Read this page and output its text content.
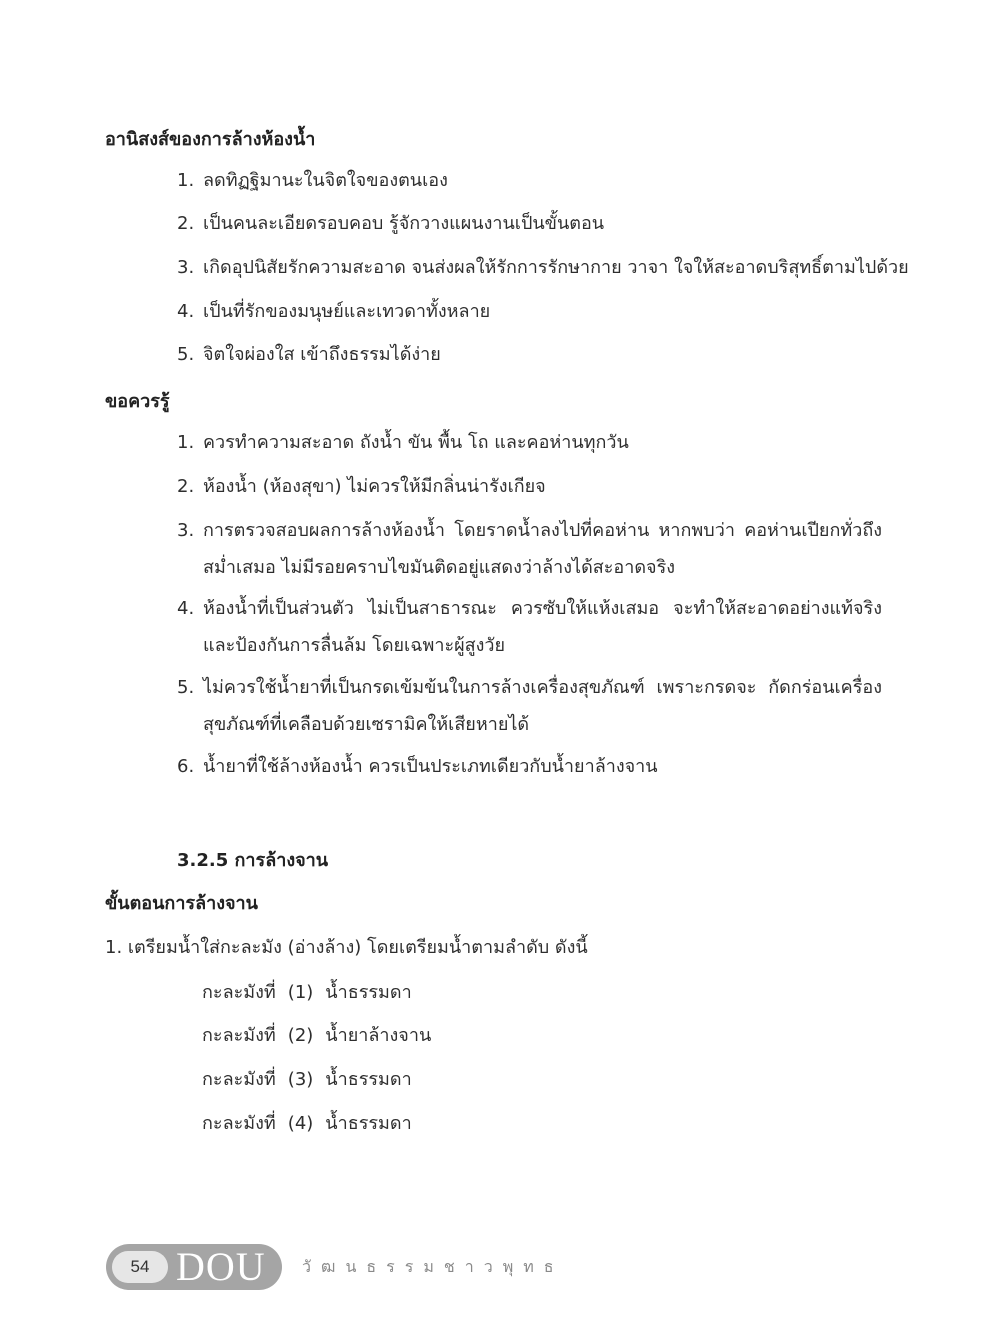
อานิสงส์ของการล้างห้องน้ำ
1. ลดทิฏฐิมานะในจิตใจของตนเอง
2. เป็นคนละเอียดรอบคอบ รู้จักวางแผนงานเป็นขั้นตอน
3. เกิดอุปนิสัยรักความสะอาด จนส่งผลให้รักการรักษากาย วาจา ใจให้สะอาดบริสุทธิ์ตามไปด้วย
4. เป็นที่รักของมนุษย์และเทวดาทั้งหลาย
5. จิตใจผ่องใส เข้าถึงธรรมได้ง่าย
ขอควรรู้
1. ควรทำความสะอาด ถังน้ำ ขัน พื้น โถ และคอห่านทุกวัน
2. ห้องน้ำ (ห้องสุขา) ไม่ควรให้มีกลิ่นน่ารังเกียจ
3. การตรวจสอบผลการล้างห้องน้ำ โดยราดน้ำลงไปที่คอห่าน หากพบว่า คอห่านเปียกทั่วถึงสม่ำเสมอ ไม่มีรอยคราบไขมันติดอยู่แสดงว่าล้างได้สะอาดจริง
4. ห้องน้ำที่เป็นส่วนตัว ไม่เป็นสาธารณะ ควรซับให้แห้งเสมอ จะทำให้สะอาดอย่างแท้จริง และป้องกันการลื่นล้ม โดยเฉพาะผู้สูงวัย
5. ไม่ควรใช้น้ำยาที่เป็นกรดเข้มข้นในการล้างเครื่องสุขภัณฑ์ เพราะกรดจะ กัดกร่อนเครื่องสุขภัณฑ์ที่เคลือบด้วยเซรามิคให้เสียหายได้
6. น้ำยาที่ใช้ล้างห้องน้ำ ควรเป็นประเภทเดียวกับน้ำยาล้างจาน
3.2.5 การล้างจาน
ขั้นตอนการล้างจาน
1. เตรียมน้ำใส่กะละมัง (อ่างล้าง) โดยเตรียมน้ำตามลำดับ ดังนี้
กะละมังที่ (1) น้ำธรรมดา
กะละมังที่ (2) น้ำยาล้างจาน
กะละมังที่ (3) น้ำธรรมดา
กะละมังที่ (4) น้ำธรรมดา
54 DOU วัฒนธรรมชาวพุทธ
